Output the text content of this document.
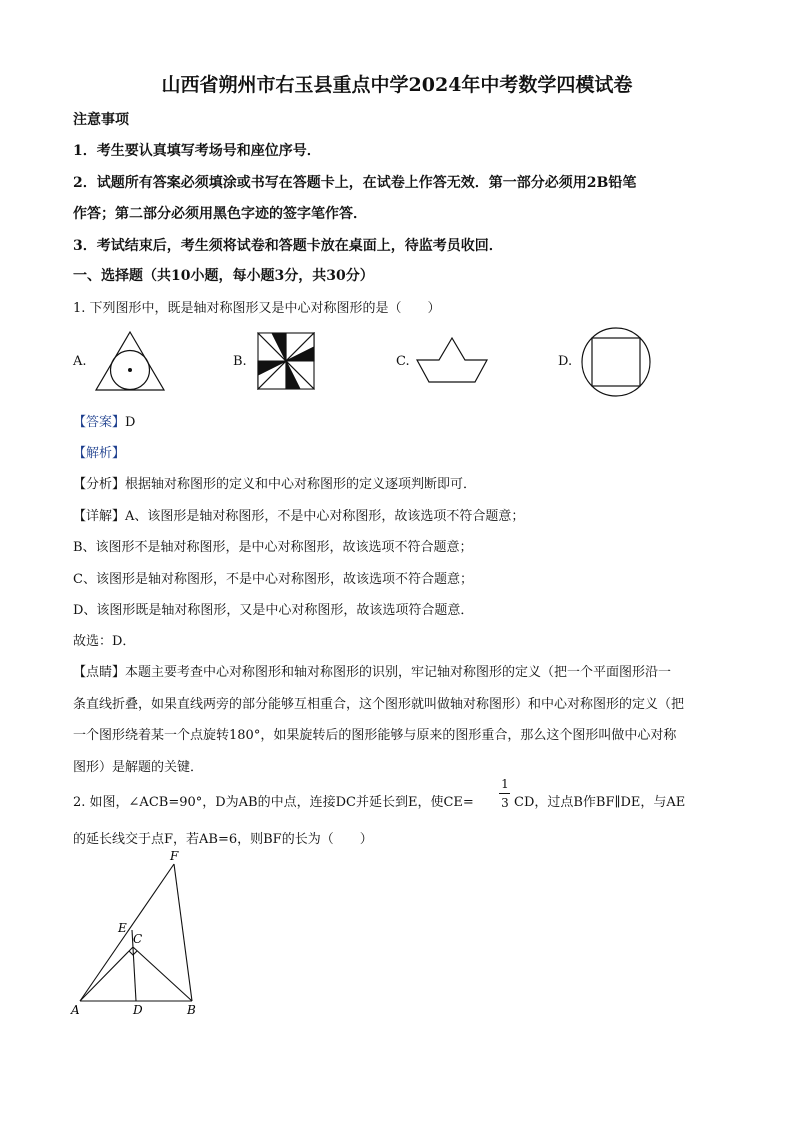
山西省朔州市右玉县重点中学2024年中考数学四模试卷
注意事项
1．考生要认真填写考场号和座位序号．
2．试题所有答案必须填涂或书写在答题卡上，在试卷上作答无效．第一部分必须用2B铅笔
作答；第二部分必须用黑色字迹的签字笔作答．
3．考试结束后，考生须将试卷和答题卡放在桌面上，待监考员收回．
一、选择题（共10小题，每小题3分，共30分）
1. 下列图形中，既是轴对称图形又是中心对称图形的是（　　）
A.	B.	C.	D.
【答案】D
【解析】
【分析】根据轴对称图形的定义和中心对称图形的定义逐项判断即可．
【详解】A、该图形是轴对称图形，不是中心对称图形，故该选项不符合题意；
B、该图形不是轴对称图形，是中心对称图形，故该选项不符合题意；
C、该图形是轴对称图形，不是中心对称图形，故该选项不符合题意；
D、该图形既是轴对称图形，又是中心对称图形，故该选项符合题意．
故选：D．
【点睛】本题主要考查中心对称图形和轴对称图形的识别，牢记轴对称图形的定义（把一个平面图形沿一
条直线折叠，如果直线两旁的部分能够互相重合，这个图形就叫做轴对称图形）和中心对称图形的定义（把
一个图形绕着某一个点旋转180°，如果旋转后的图形能够与原来的图形重合，那么这个图形叫做中心对称
图形）是解题的关键．
2. 如图，∠ACB=90°，D为AB的中点，连接DC并延长到E，使CE=
1
3 CD，过点B作BF∥DE，与AE
的延长线交于点F，若AB=6，则BF的长为（　　）
F
E
C
A	D	B
